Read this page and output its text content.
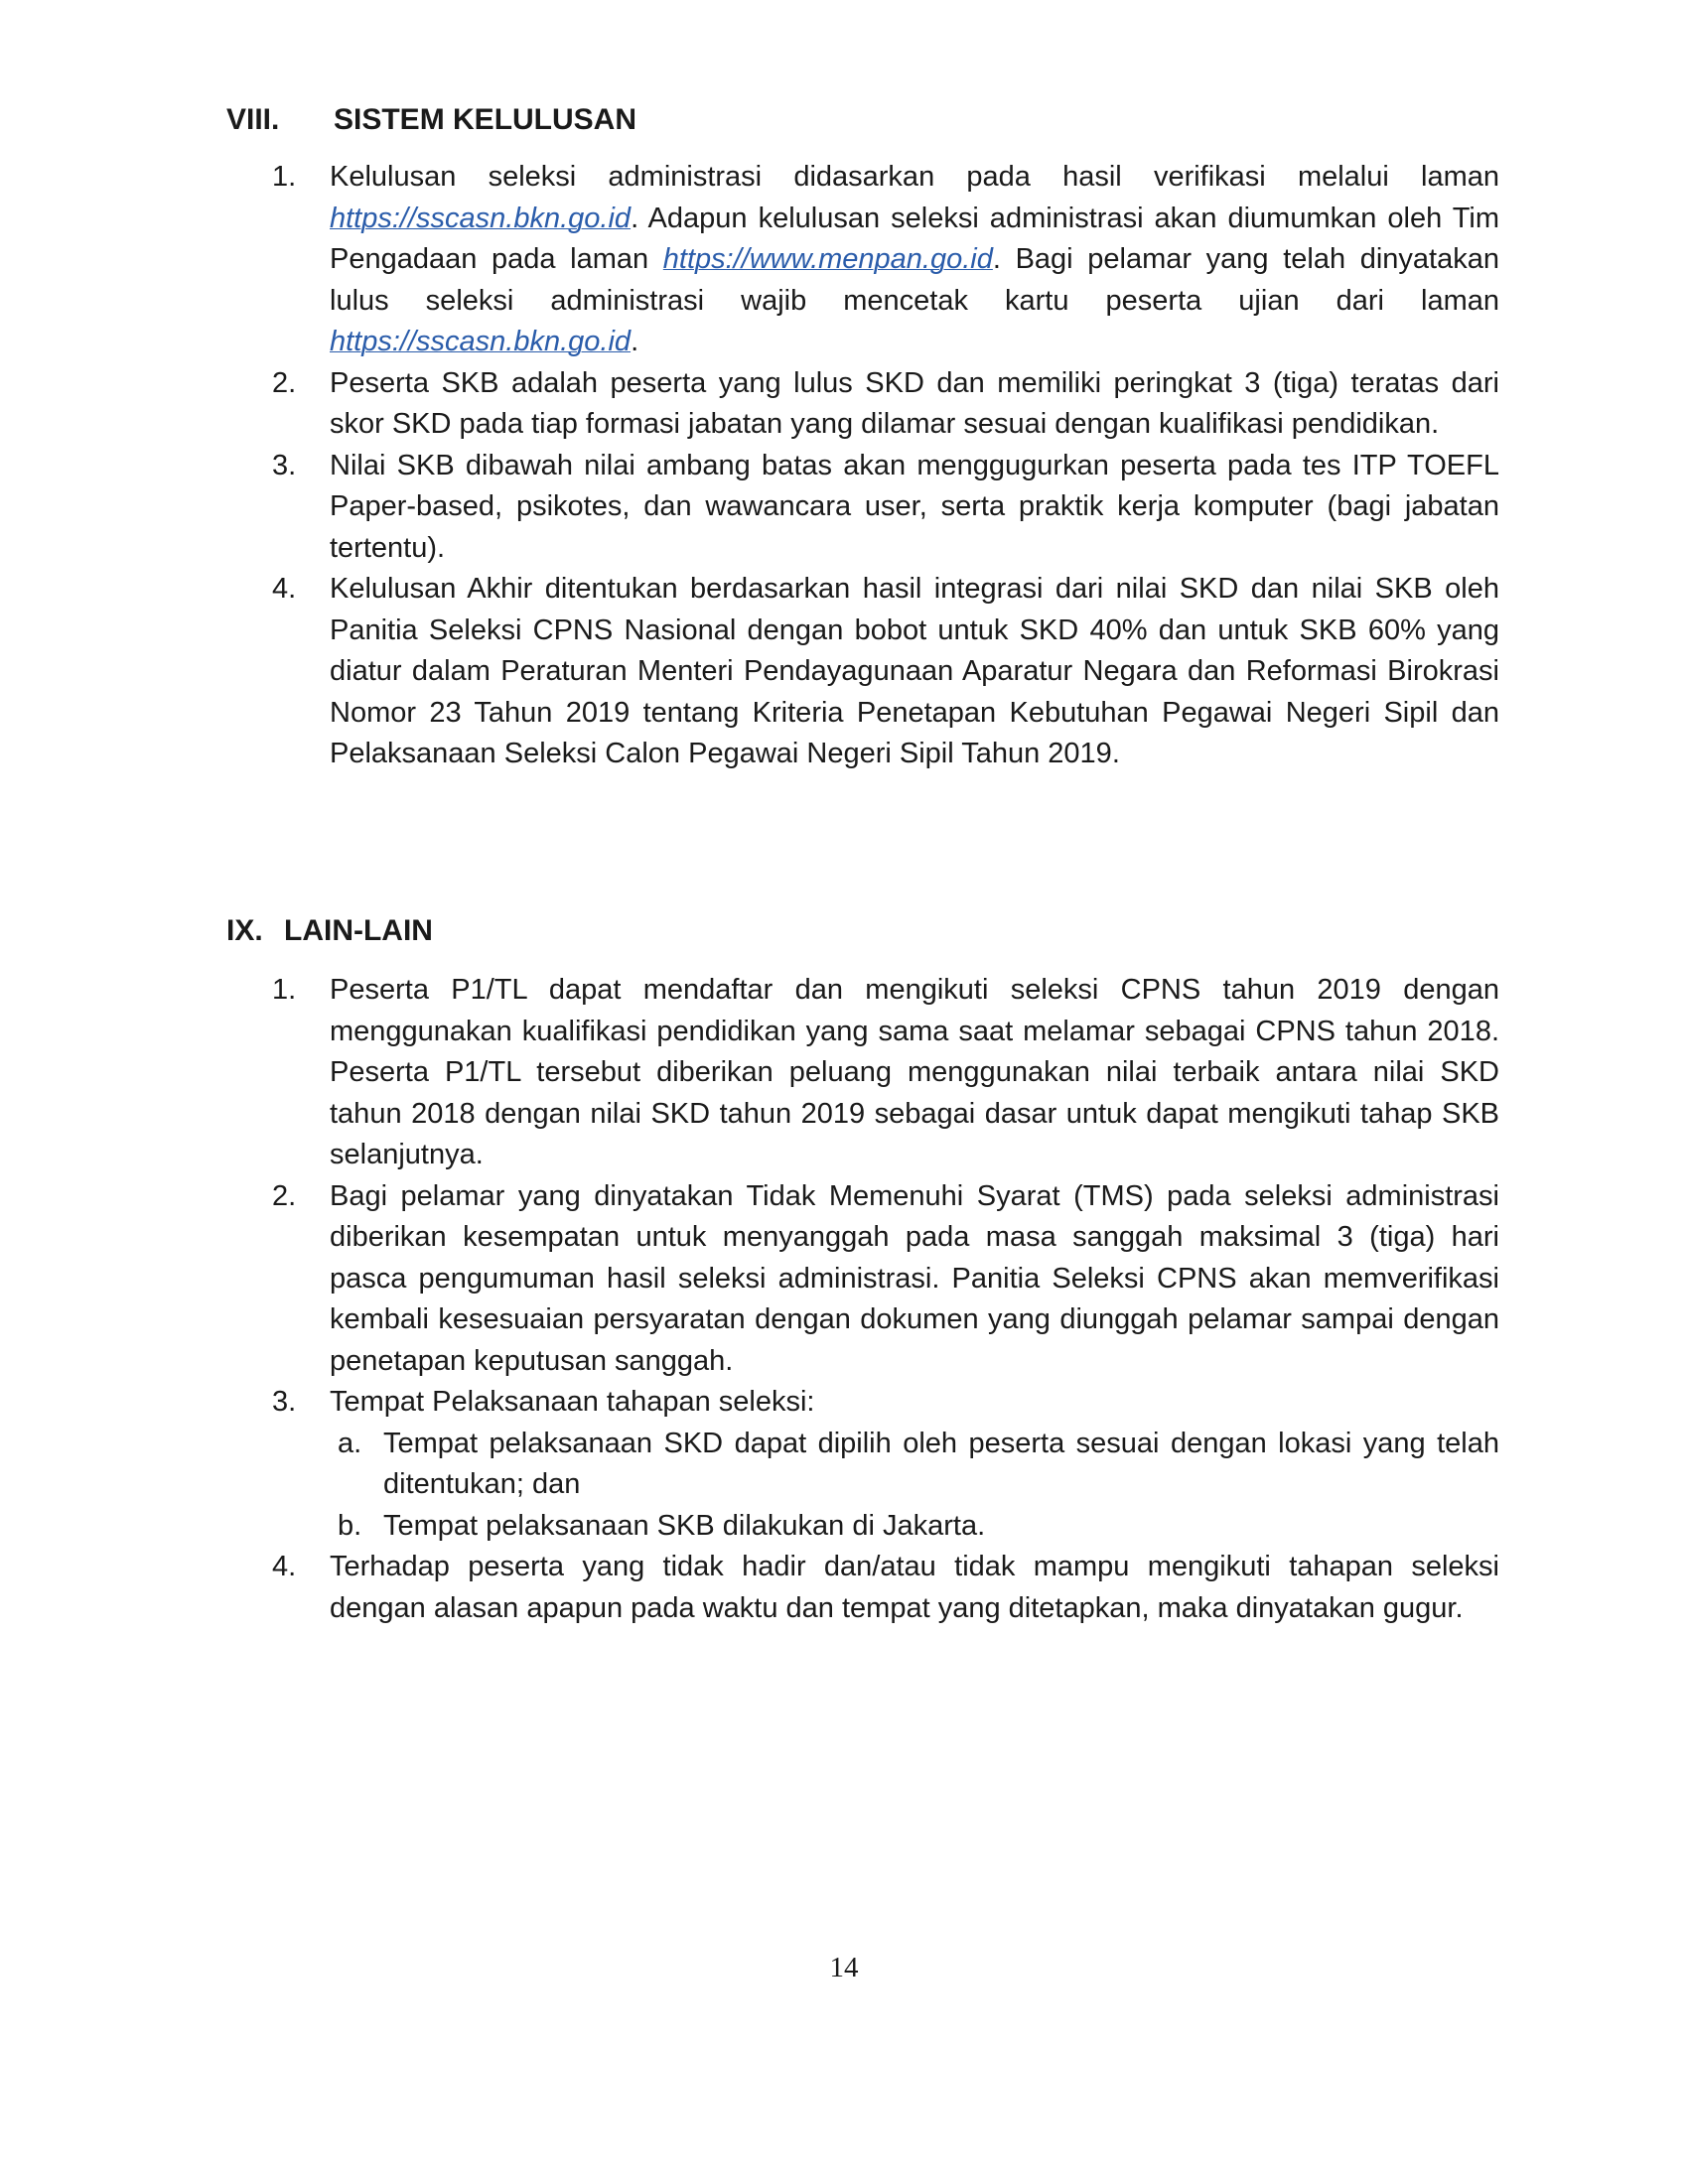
VIII. SISTEM KELULUSAN
1. Kelulusan seleksi administrasi didasarkan pada hasil verifikasi melalui laman https://sscasn.bkn.go.id. Adapun kelulusan seleksi administrasi akan diumumkan oleh Tim Pengadaan pada laman https://www.menpan.go.id. Bagi pelamar yang telah dinyatakan lulus seleksi administrasi wajib mencetak kartu peserta ujian dari laman https://sscasn.bkn.go.id.
2. Peserta SKB adalah peserta yang lulus SKD dan memiliki peringkat 3 (tiga) teratas dari skor SKD pada tiap formasi jabatan yang dilamar sesuai dengan kualifikasi pendidikan.
3. Nilai SKB dibawah nilai ambang batas akan menggugurkan peserta pada tes ITP TOEFL Paper-based, psikotes, dan wawancara user, serta praktik kerja komputer (bagi jabatan tertentu).
4. Kelulusan Akhir ditentukan berdasarkan hasil integrasi dari nilai SKD dan nilai SKB oleh Panitia Seleksi CPNS Nasional dengan bobot untuk SKD 40% dan untuk SKB 60% yang diatur dalam Peraturan Menteri Pendayagunaan Aparatur Negara dan Reformasi Birokrasi Nomor 23 Tahun 2019 tentang Kriteria Penetapan Kebutuhan Pegawai Negeri Sipil dan Pelaksanaan Seleksi Calon Pegawai Negeri Sipil Tahun 2019.
IX. LAIN-LAIN
1. Peserta P1/TL dapat mendaftar dan mengikuti seleksi CPNS tahun 2019 dengan menggunakan kualifikasi pendidikan yang sama saat melamar sebagai CPNS tahun 2018. Peserta P1/TL tersebut diberikan peluang menggunakan nilai terbaik antara nilai SKD tahun 2018 dengan nilai SKD tahun 2019 sebagai dasar untuk dapat mengikuti tahap SKB selanjutnya.
2. Bagi pelamar yang dinyatakan Tidak Memenuhi Syarat (TMS) pada seleksi administrasi diberikan kesempatan untuk menyanggah pada masa sanggah maksimal 3 (tiga) hari pasca pengumuman hasil seleksi administrasi. Panitia Seleksi CPNS akan memverifikasi kembali kesesuaian persyaratan dengan dokumen yang diunggah pelamar sampai dengan penetapan keputusan sanggah.
3. Tempat Pelaksanaan tahapan seleksi:
a. Tempat pelaksanaan SKD dapat dipilih oleh peserta sesuai dengan lokasi yang telah ditentukan; dan
b. Tempat pelaksanaan SKB dilakukan di Jakarta.
4. Terhadap peserta yang tidak hadir dan/atau tidak mampu mengikuti tahapan seleksi dengan alasan apapun pada waktu dan tempat yang ditetapkan, maka dinyatakan gugur.
14
